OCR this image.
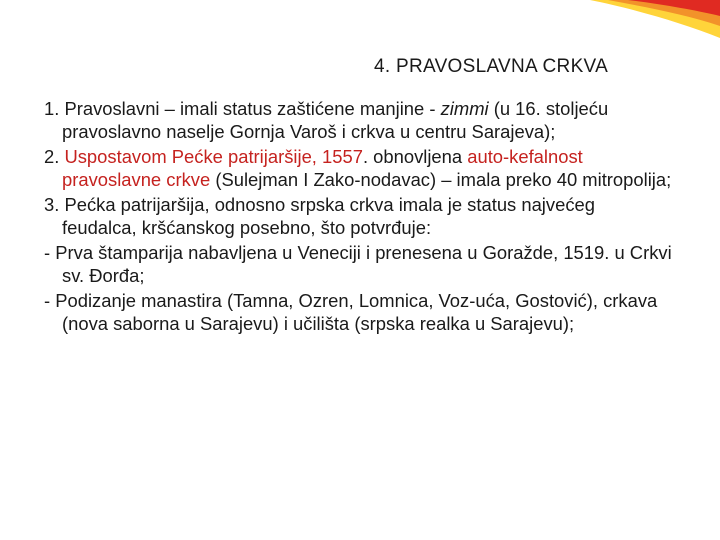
4. PRAVOSLAVNA CRKVA

1. Pravoslavni – imali status zaštićene manjine - zimmi (u 16. stoljeću pravoslavno naselje Gornja Varoš i crkva u centru Sarajeva);

2. Uspostavom Pećke patrijaršije, 1557. obnovljena auto-kefalnost pravoslavne crkve (Sulejman I Zako-nodavac) – imala preko 40 mitropolija;

3. Pećka patrijaršija, odnosno srpska crkva imala je status najvećeg feudalca, kršćanskog posebno, što potvrđuje:

- Prva štamparija nabavljena u Veneciji i prenesena u Goražde, 1519. u Crkvi sv. Đorđa;

- Podizanje manastira (Tamna, Ozren, Lomnica, Voz-uća, Gostović), crkava (nova saborna u Sarajevu) i učilišta (srpska realka u Sarajevu);
